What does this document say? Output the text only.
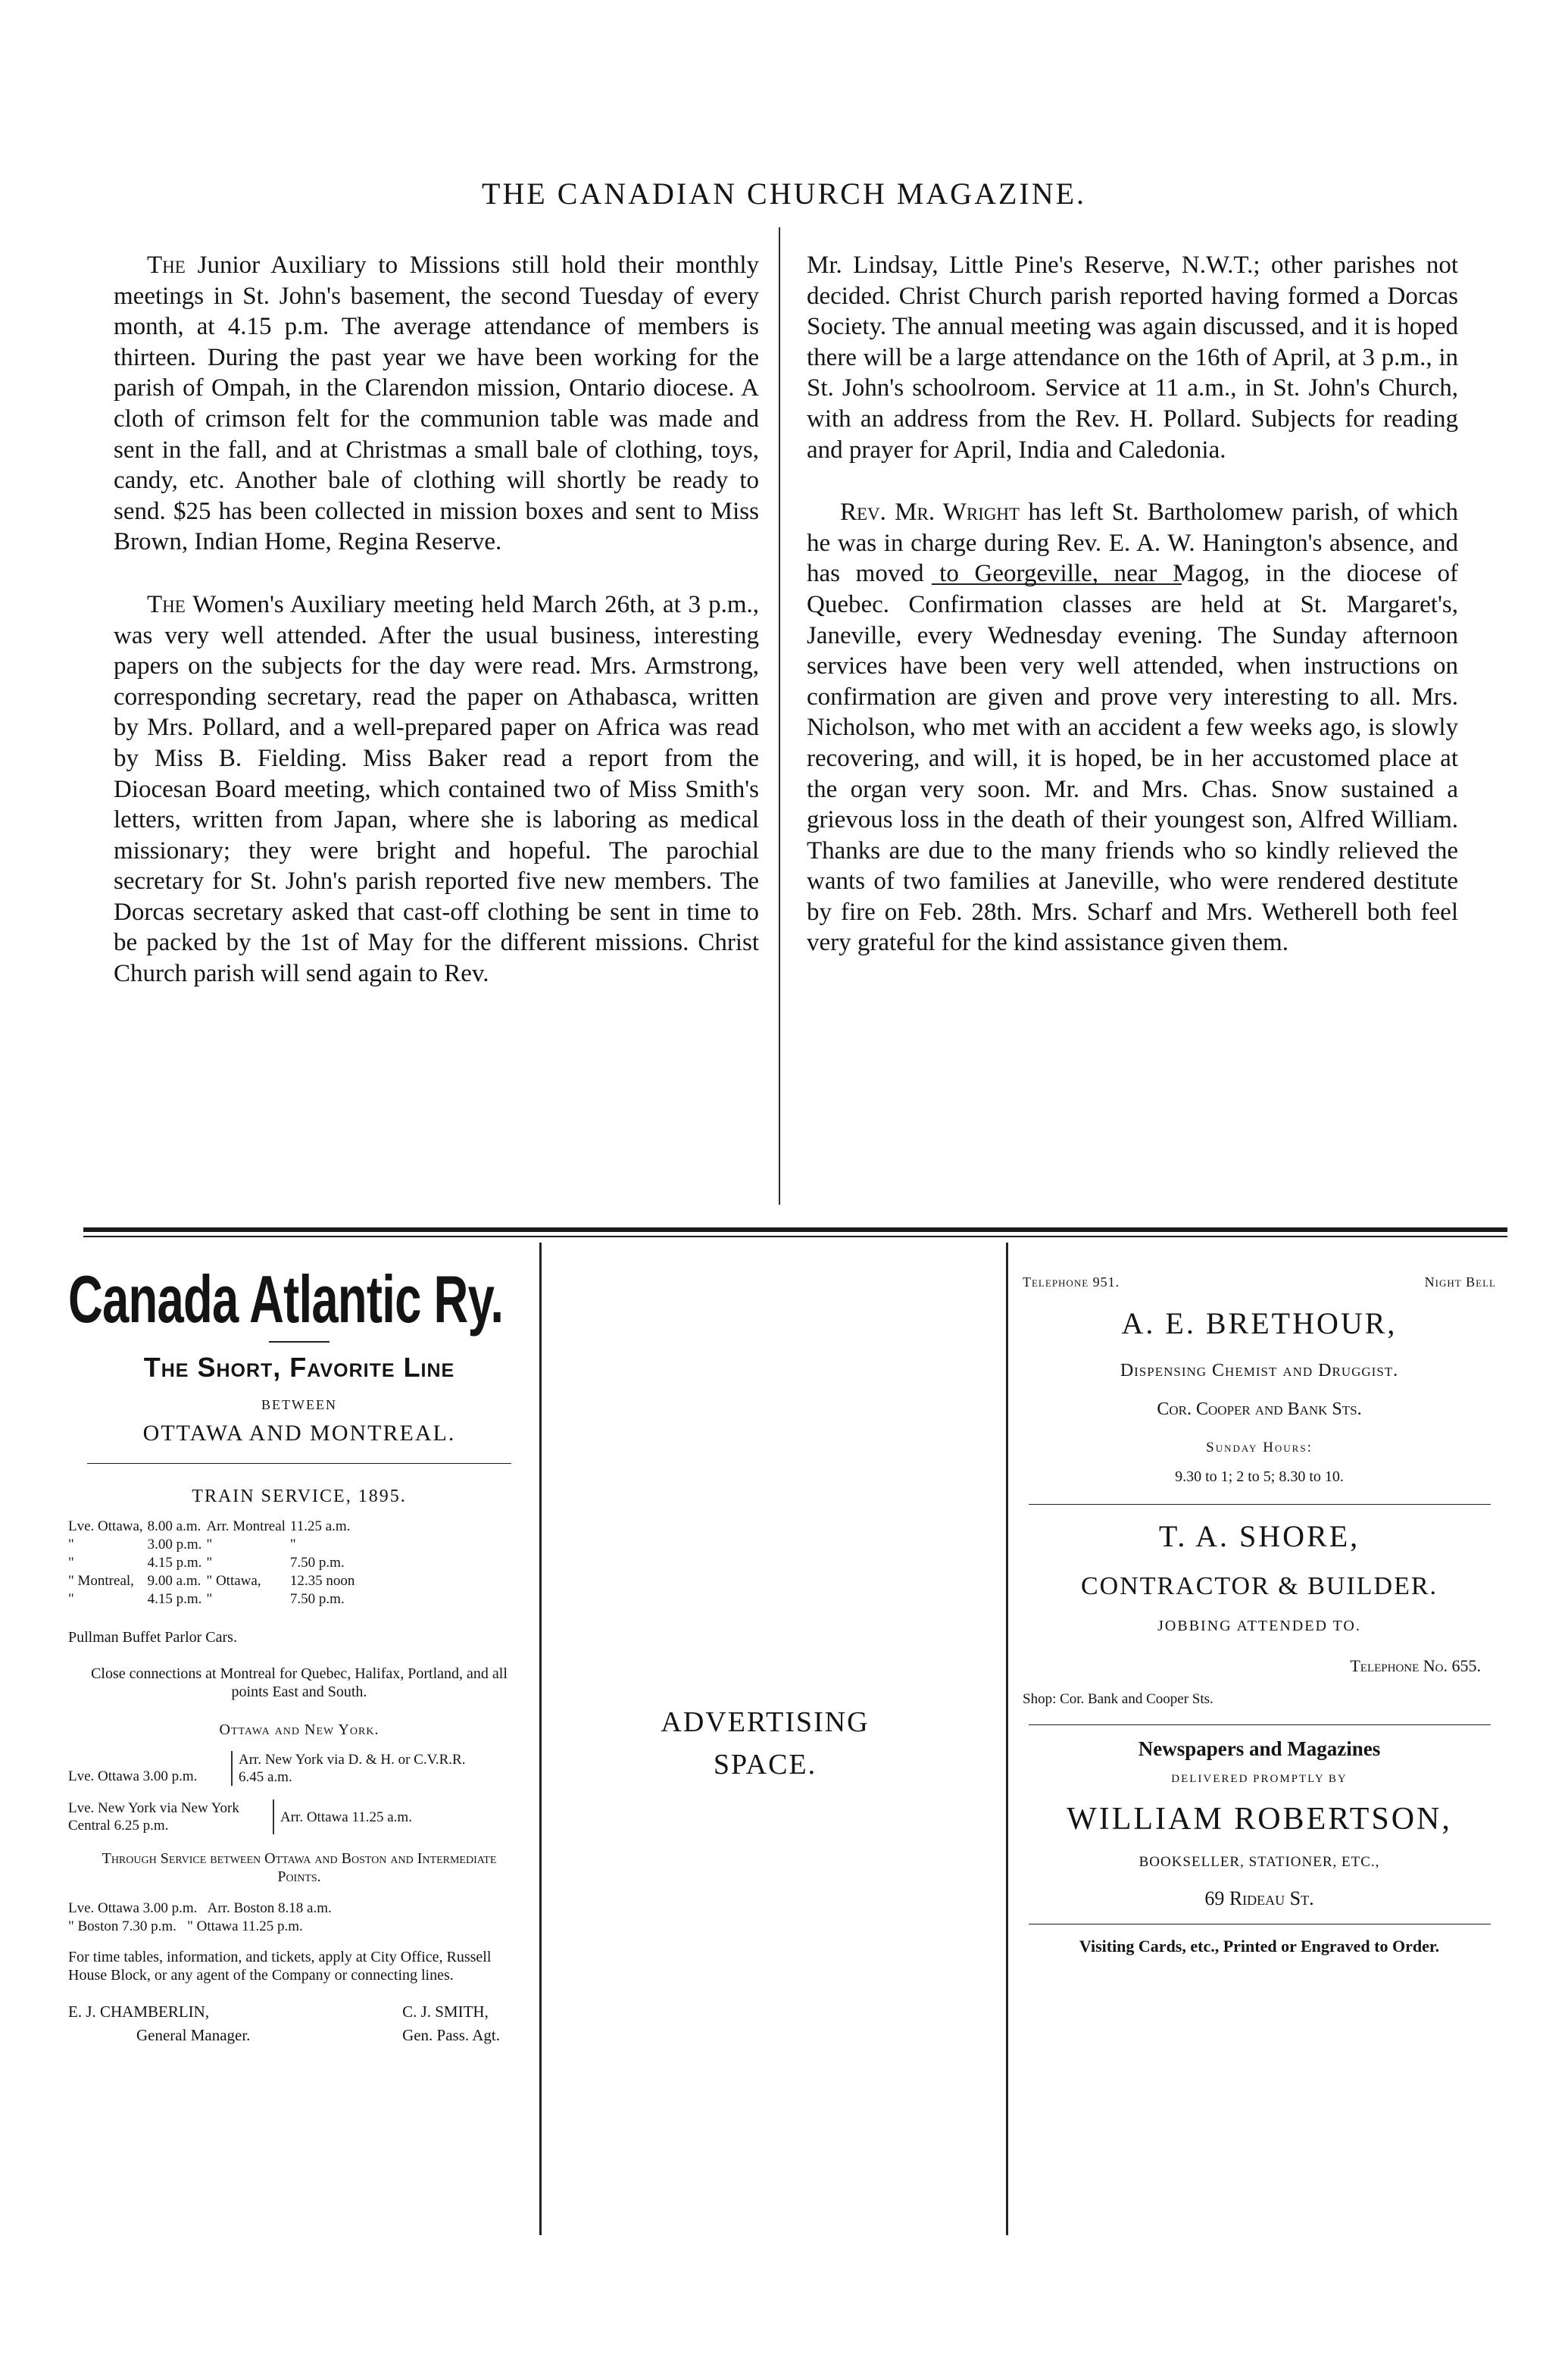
THE CANADIAN CHURCH MAGAZINE.

The Junior Auxiliary to Missions still hold their monthly meetings in St. John's basement, the second Tuesday of every month, at 4.15 p.m. The average attendance of members is thirteen. During the past year we have been working for the parish of Ompah, in the Clarendon mission, Ontario diocese. A cloth of crimson felt for the communion table was made and sent in the fall, and at Christmas a small bale of clothing, toys, candy, etc. Another bale of clothing will shortly be ready to send. $25 has been collected in mission boxes and sent to Miss Brown, Indian Home, Regina Reserve.

The Women's Auxiliary meeting held March 26th, at 3 p.m., was very well attended. After the usual business, interesting papers on the subjects for the day were read. Mrs. Armstrong, corresponding secretary, read the paper on Athabasca, written by Mrs. Pollard, and a well-prepared paper on Africa was read by Miss B. Fielding. Miss Baker read a report from the Diocesan Board meeting, which contained two of Miss Smith's letters, written from Japan, where she is laboring as medical missionary; they were bright and hopeful. The parochial secretary for St. John's parish reported five new members. The Dorcas secretary asked that cast-off clothing be sent in time to be packed by the 1st of May for the different missions. Christ Church parish will send again to Rev.

Mr. Lindsay, Little Pine's Reserve, N.W.T.; other parishes not decided. Christ Church parish reported having formed a Dorcas Society. The annual meeting was again discussed, and it is hoped there will be a large attendance on the 16th of April, at 3 p.m., in St. John's schoolroom. Service at 11 a.m., in St. John's Church, with an address from the Rev. H. Pollard. Subjects for reading and prayer for April, India and Caledonia.

Rev. Mr. Wright has left St. Bartholomew parish, of which he was in charge during Rev. E. A. W. Hanington's absence, and has moved to Georgeville, near Magog, in the diocese of Quebec. Confirmation classes are held at St. Margaret's, Janeville, every Wednesday evening. The Sunday afternoon services have been very well attended, when instructions on confirmation are given and prove very interesting to all. Mrs. Nicholson, who met with an accident a few weeks ago, is slowly recovering, and will, it is hoped, be in her accustomed place at the organ very soon. Mr. and Mrs. Chas. Snow sustained a grievous loss in the death of their youngest son, Alfred William. Thanks are due to the many friends who so kindly relieved the wants of two families at Janeville, who were rendered destitute by fire on Feb. 28th. Mrs. Scharf and Mrs. Wetherell both feel very grateful for the kind assistance given them.

Canada Atlantic Ry.
The Short, Favorite Line
BETWEEN
OTTAWA AND MONTREAL.
TRAIN SERVICE, 1895.
Lve. Ottawa,	8.00 a.m.	Arr. Montreal	11.25 a.m.
"	3.00 p.m.	"	"
"	4.15 p.m.	"	7.50 p.m.
" Montreal,	9.00 a.m.	" Ottawa,	12.35 noon
"	4.15 p.m.	"	7.50 p.m.
Pullman Buffet Parlor Cars.
Close connections at Montreal for Quebec, Halifax, Portland, and all points East and South.
Ottawa and New York.
Lve. Ottawa 3.00 p.m.
Arr. New York via D. & H. or C.V.R.R. 6.45 a.m.
Lve. New York via New York Central 6.25 p.m.
Arr. Ottawa 11.25 a.m.
Through Service between Ottawa and Boston and Intermediate Points.
Lve. Ottawa 3.00 p.m.   Arr. Boston 8.18 a.m.
" Boston 7.30 p.m.   " Ottawa 11.25 p.m.
For time tables, information, and tickets, apply at City Office, Russell House Block, or any agent of the Company or connecting lines.
E. J. CHAMBERLIN,
General Manager.
C. J. SMITH,
Gen. Pass. Agt.
ADVERTISING
SPACE.
Telephone 951.	Night Bell
A. E. BRETHOUR,
Dispensing Chemist and Druggist.
Cor. Cooper and Bank Sts.
Sunday Hours:
9.30 to 1; 2 to 5; 8.30 to 10.
T. A. SHORE,
CONTRACTOR & BUILDER.
JOBBING ATTENDED TO.
Telephone No. 655.
Shop: Cor. Bank and Cooper Sts.
Newspapers and Magazines
DELIVERED PROMPTLY BY
WILLIAM ROBERTSON,
BOOKSELLER, STATIONER, ETC.,
69 Rideau St.
Visiting Cards, etc., Printed or Engraved to Order.
